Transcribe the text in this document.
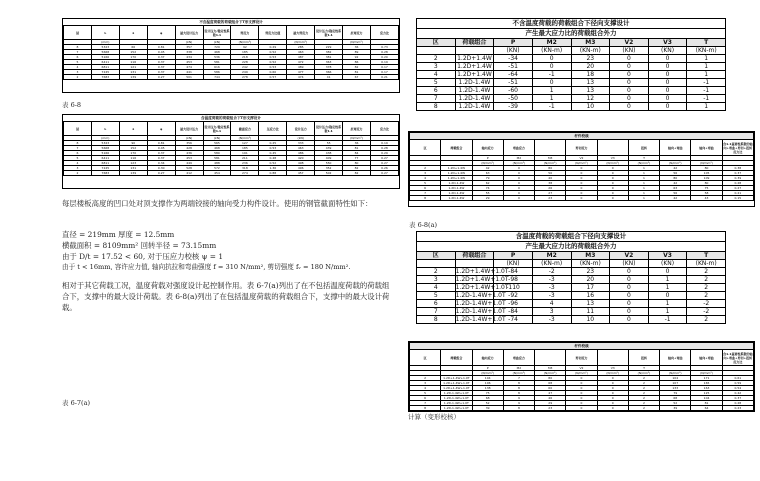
不含温度荷载的荷载组合下T形支撑设计
层	L	λ	φ	最大设计压力	设计压力/稳定性系数1.1	剪应力	剪应力比值	最大剪应力	设计压力/稳定性系数1.1	抗弯应力	应力比
	(mm)			(kN)	(kN)	(N/mm²)		(N/mm²)		(N/mm²)	
8	5323	66	0.81	357	729	92	0.29	285	229	36	0.73
7	5668	152	0.45	338	468	185	0.52	463	382	89	0.28
6	5166	170	0.37	434	536	218	0.53	487	381	92	0.20
5	6411	116	0.37	453	581	228	0.52	472	363	86	0.19
4	6811	121	0.37	474	616	242	0.53	489	378	82	0.17
3	7245	131	0.37	441	586	249	0.60	477	366	81	0.17
2	7683	139	0.27	501	744	278	0.57	474	41	67	0.21
表 6-8
含温度荷载的荷载组合下T形支撑设计
层	L	λ	φ	最大设计压力	设计压力/稳定性系数1.1	截面应力	压应力比	设计压力	设计压力/稳定性系数1.1	抗弯应力	应力比
	(mm)			(kN)	(kN)	(N/mm²)		(kN)		(N/mm²)	
8	5323	90	0.81	356	565	127	0.25	333	55	36	0.19
7	5668	152	0.45	428	468	185	0.53	463	439	81	0.28
6	5166	170	0.37	436	580	191	0.45	486	438	84	0.29
5	6411	116	0.37	453	581	211	0.48	420	409	77	0.27
4	6811	123	0.34	449	488	236	0.52	498	550	80	0.27
3	7245	131	0.30	528	572	318	1.36	496	352	82	0.26
2	7683	139	0.27	412	454	274	0.88	457	502	82	0.27
每层楼板高度的凹口处对顶支撑作为两端铰接的轴向受力构件设计。使用的钢管截面特性如下：
直径 = 219mm 厚度 = 12.5mm
横截面积 = 8109mm² 回转半径 = 73.15mm
由于 D/t = 17.52 < 60, 对于压应力校核 ψ = 1
由于 t < 16mm, 容许应力值, 轴向抗拉和弯曲强度 f = 310 N/mm², 剪切强度 fᵥ = 180 N/mm².
相对于其它荷载工况，温度荷载对强度设计起控制作用。表 6-7(a)列出了在不包括温度荷载的荷载组合下，支撑中的最大设计荷载。表 6-8(a)列出了在包括温度荷载的荷载组合下，支撑中的最大设计荷载。
表 6-7(a)
不含温度荷载的荷载组合下径向支撑设计							
产生最大应力比的荷载组合外力							
区	荷载组合	P	M2	M3	V2	V3	T
		(KN)	(KN-m)	(KN-m)	(KN)	(KN)	(KN-m)
2	1.2D+1.4W	-34	0	23	0	0	1
3	1.2D+1.4W	-51	0	20	0	0	1
4	1.2D+1.4W	-64	-1	18	0	0	1
5	1.2D-1.4W	-51	0	13	0	0	-1
6	1.2D-1.4W	-60	1	13	0	0	-1
7	1.2D-1.4W	-50	1	12	0	0	-1
8	1.2D-1.4W	-39	-1	10	0	0	1
杆件校核										
区	荷载组合	轴向应力	弯曲应力		剪切应力		扭转	轴向+弯曲	轴向+弯曲	含1.1重要性系数的轴向+弯曲+剪切+扭转应力比
		P	M2	M3	V2	V3	T			
		(N/mm²)	(N/mm²)	(N/mm²)	(N/mm²)	(N/mm²)	(N/mm²)	(N/mm²)	(N/mm²)	
2	1.2D+1.4W	42	0	80	0	0	1	42	80	0.38
3	1.2D+1.4W	63	0	50	0	0	1	56	105	0.37
4	1.2D+1.4W	79	0	40	0	0	1	80	109	0.39
5	1.2D-1.4W	62	0	38	0	0	1	42	80	0.28
6	1.2D-1.4W	74	0	26	0	0	1	63	75	0.27
7	1.2D-1.4W	55	0	27	0	0	1	56	58	0.21
8	1.2D-1.4W	29	0	23	0	0	1	42	43	0.15
表 6-8(a)
含温度荷载的荷载组合下径向支撑设计							
产生最大应力比的荷载组合外力							
区	荷载组合	P	M2	M3	V2	V3	T
		(KN)	(KN-m)	(KN-m)	(KN)	(KN)	(KN-m)
2	1.2D+1.4W+1.0T	-84	-2	23	0	0	2
3	1.2D+1.4W+1.0T	-98	-3	20	0	1	2
4	1.2D+1.4W+1.0T	-110	-3	17	0	1	2
5	1.2D-1.4W+1.0T	-92	-3	16	0	0	2
6	1.2D-1.4W+1.0T	-96	4	13	0	1	-2
7	1.2D-1.4W+1.0T	-84	3	11	0	1	-2
8	1.2D-1.4W+1.0T	-74	-3	10	0	-1	2
杆件校核										
区	荷载组合	轴向应力	弯曲应力		剪切应力		扭转	轴向+弯曲	轴向+弯曲	含1.1重要性系数的轴向+弯曲+剪切+扭转应力比
		P	M2	M3	V2	V3	T			
		(N/mm²)	(N/mm²)	(N/mm²)	(N/mm²)	(N/mm²)	(N/mm²)	(N/mm²)	(N/mm²)	
2	1.2D+1.4W+1.0T	104	7	80	0	0	2	104	171	0.61
3	1.2D+1.4W+1.0T	106	8	68	0	0	2	107	165	0.59
4	1.2D+1.4W+1.0T	138	8	60	0	0	2	133	163	0.54
5	1.2D-1.4W+1.0T	75	8	47	0	0	2	79	125	0.42
6	1.2D-1.4W+1.0T	68	9	46	0	0	2	68	104	0.37
7	1.2D-1.4W+1.0T	52	9	29	0	0	2	52	81	0.28
8	1.2D-1.4W+1.0T	39	8	23	0	0	2	39	64	0.23
计算（变形校核）
